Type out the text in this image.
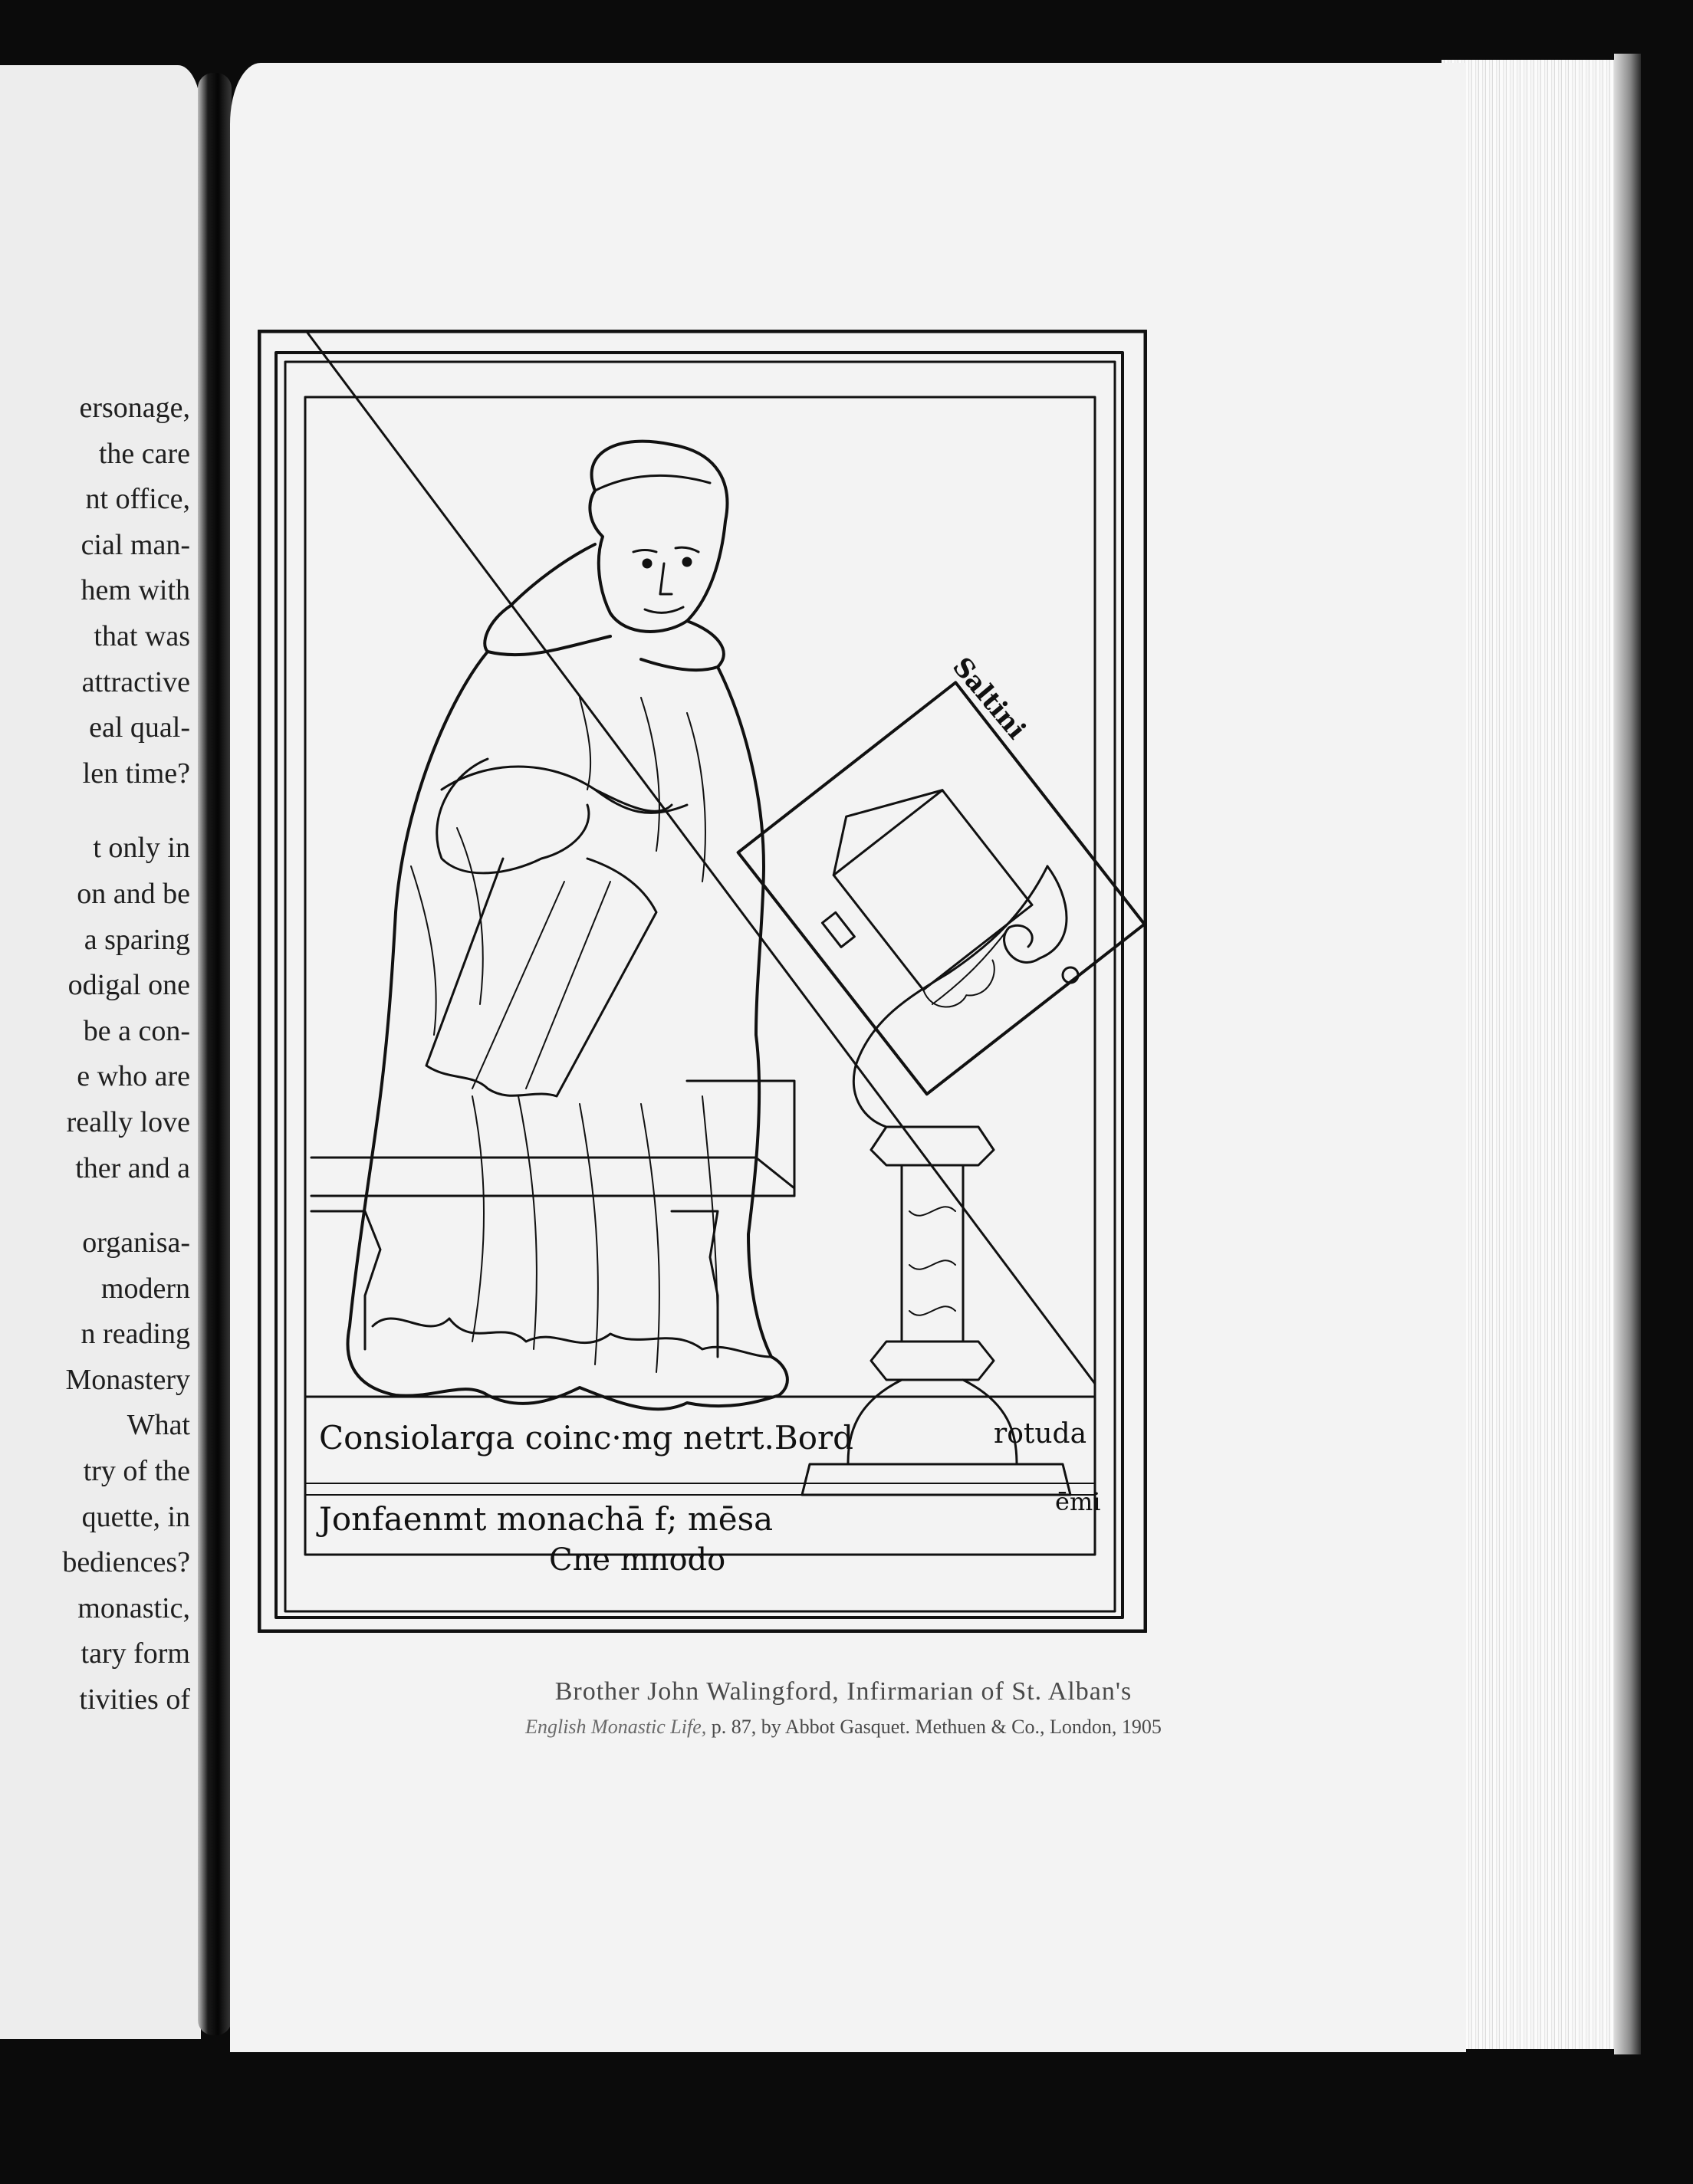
ersonage,
the care
nt office,
cial man-
hem with
that was
attractive
eal qual-
len time?
t only in
on and be
a sparing
odigal one
be a con-
e who are
really love
ther and a
organisa-
modern
n reading
Monastery
What
try of the
quette, in
bediences?
monastic,
tary form
tivities of
Saltini
Consiolarga coinc·mg netrt.Bord	rotuda
Jonfaenmt monachā f; mēsa	ēmi
Cne mnodo
Brother John Walingford, Infirmarian of St. Alban's
English Monastic Life, p. 87, by Abbot Gasquet. Methuen & Co., London, 1905
